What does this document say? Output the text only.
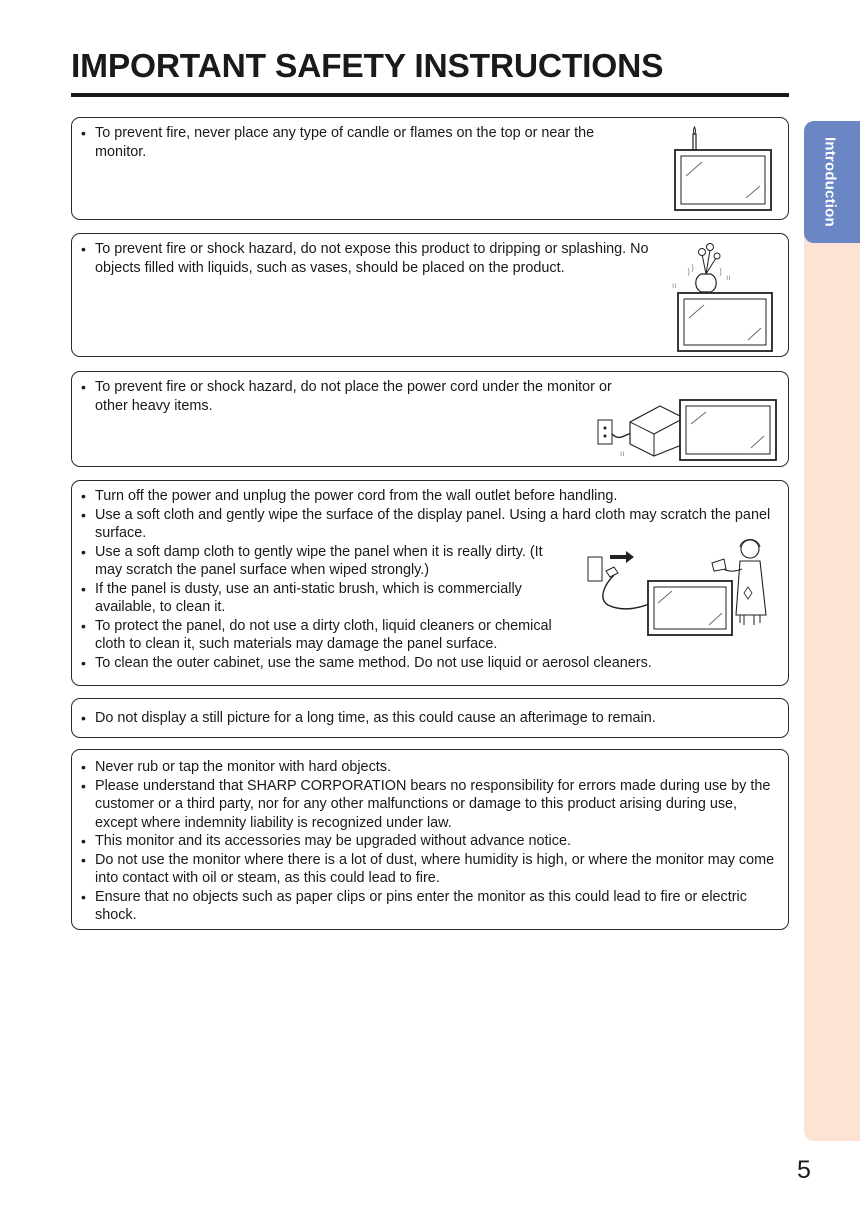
IMPORTANT SAFETY INSTRUCTIONS
Introduction
• To prevent fire, never place any type of candle or flames on the top or near the monitor.
• To prevent fire or shock hazard, do not expose this product to dripping or splashing. No objects filled with liquids, such as vases, should be placed on the product.
ıı
ıı
• To prevent fire or shock hazard, do not place the power cord under the monitor or other heavy items.
ıı
• Turn off the power and unplug the power cord from the wall outlet before handling.
• Use a soft cloth and gently wipe the surface of the display panel. Using a hard cloth may scratch the panel surface.
• Use a soft damp cloth to gently wipe the panel when it is really dirty. (It may scratch the panel surface when wiped strongly.)
• If the panel is dusty, use an anti-static brush, which is commercially available, to clean it.
• To protect the panel, do not use a dirty cloth, liquid cleaners or chemical cloth to clean it, such materials may damage the panel surface.
• To clean the outer cabinet, use the same method. Do not use liquid or aerosol cleaners.
• Do not display a still picture for a long time, as this could cause an afterimage to remain.
• Never rub or tap the monitor with hard objects.
• Please understand that SHARP CORPORATION bears no responsibility for errors made during use by the customer or a third party, nor for any other malfunctions or damage to this product arising during use, except where indemnity liability is recognized under law.
• This monitor and its accessories may be upgraded without advance notice.
• Do not use the monitor where there is a lot of dust, where humidity is high, or where the monitor may come into contact with oil or steam, as this could lead to fire.
• Ensure that no objects such as paper clips or pins enter the monitor as this could lead to fire or electric shock.
5
